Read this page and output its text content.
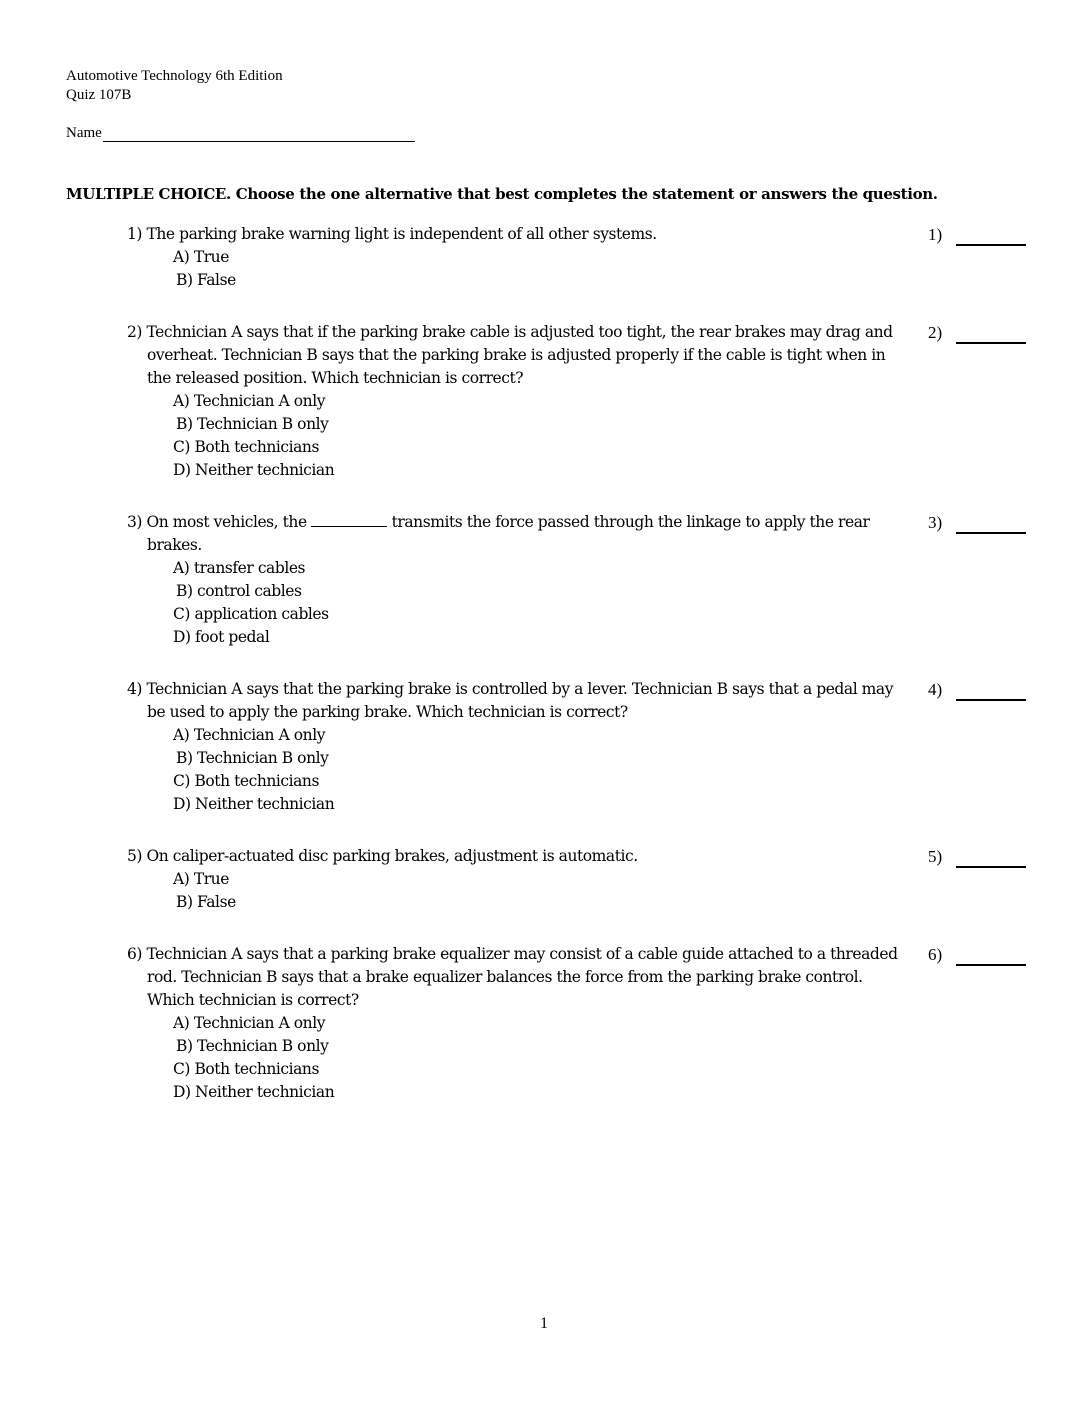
Automotive Technology 6th Edition
Quiz 107B
Name
MULTIPLE CHOICE. Choose the one alternative that best completes the statement or answers the question.
1) The parking brake warning light is independent of all other systems.
A) True
B) False
1)
2) Technician A says that if the parking brake cable is adjusted too tight, the rear brakes may drag and overheat. Technician B says that the parking brake is adjusted properly if the cable is tight when in the released position. Which technician is correct?
A) Technician A only
B) Technician B only
C) Both technicians
D) Neither technician
2)
3) On most vehicles, the	transmits the force passed through the linkage to apply the rear brakes.
A) transfer cables
B) control cables
C) application cables
D) foot pedal
3)
4) Technician A says that the parking brake is controlled by a lever. Technician B says that a pedal may be used to apply the parking brake. Which technician is correct?
A) Technician A only
B) Technician B only
C) Both technicians
D) Neither technician
4)
5) On caliper-actuated disc parking brakes, adjustment is automatic.
A) True
B) False
5)
6) Technician A says that a parking brake equalizer may consist of a cable guide attached to a threaded rod. Technician B says that a brake equalizer balances the force from the parking brake control. Which technician is correct?
A) Technician A only
B) Technician B only
C) Both technicians
D) Neither technician
6)
1
